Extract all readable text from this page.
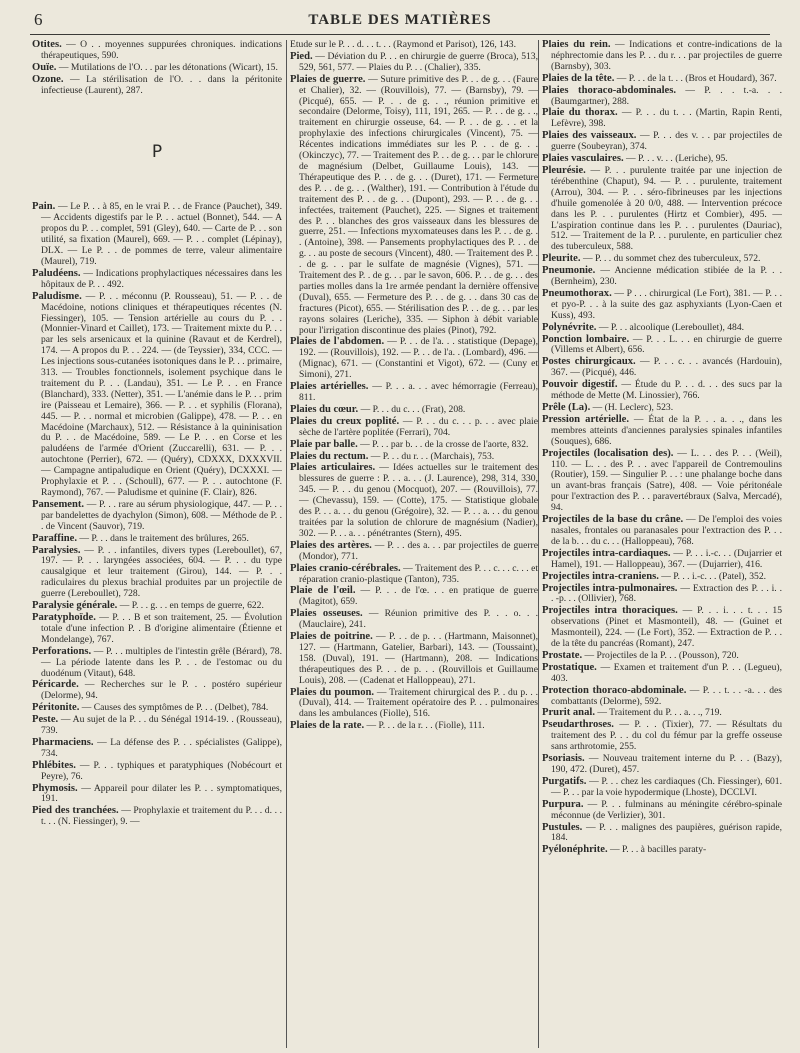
6	TABLE DES MATIÈRES

Otites. — O . . moyennes suppurées chroniques. indications thérapeutiques, 590.

Ouïe. — Mutilations de l'O. . . par les détonations (Wicart), 15.

Ozone. — La stérilisation de l'O. . . dans la péritonite infectieuse (Laurent), 287.

P

Pain. — Le P. . . à 85, en le vrai P. . . de France (Pauchet), 349. — Accidents digestifs par le P. . . actuel (Bonnet), 544. — A propos du P. . . complet, 591 (Gley), 640. — Carte de P. . . son utilité, sa fixation (Maurel), 669. — P. . . complet (Lépinay), DLX. — Le P. . . de pommes de terre, valeur alimentaire (Maurel), 719.

Paludéens. — Indications prophylactiques nécessaires dans les hôpitaux de P. . . 492.

Paludisme. — P. . . méconnu (P. Rousseau), 51. — P. . . de Macédoine, notions cliniques et thérapeutiques récentes (N. Fiessinger), 105. — Tension artérielle au cours du P. . . (Monnier-Vinard et Caillet), 173. — Traitement mixte du P. . . par les sels arsenicaux et la quinine (Ravaut et de Kerdrel), 174. — A propos du P. . . 224. — (de Teyssier), 334, CCC. — Les injections sous-cutanées isotoniques dans le P. . . primaire, 313. — Troubles fonctionnels, isolement psychique dans le traitement du P. . . (Landau), 351. — Le P. . . en France (Blanchard), 333. (Netter), 351. — L'anémie dans le P. . . prim ire (Paisseau et Lemaire), 366. — P. . . et syphilis (Florana), 445. — P. . . normal et microbien (Galippe), 478. — P. . . en Macédoine (Marchaux), 512. — Résistance à la quininisation du P. . . de Macédoine, 589. — Le P. . . en Corse et les paludéens de l'armée d'Orient (Zuccarelli), 631. — P. . . autochtone (Perrier), 672. — (Quéry), CDXXX, DXXXVII. — Campagne antipaludique en Orient (Quéry), DCXXXI. — Prophylaxie et P. . . (Schoull), 677. — P. . . autochtone (F. Raymond), 767. — Paludisme et quinine (F. Clair), 826.

Pansement. — P. . . rare au sérum physiologique, 447. — P. . . par bandelettes de dyachylon (Simon), 608. — Méthode de P. . . de Vincent (Sauvor), 719.

Paraffine. — P. . . dans le traitement des brûlures, 265.

Paralysies. — P. . . infantiles, divers types (Lereboullet), 67, 197. — P. . . laryngées associées, 604. — P. . . du type causalgique et leur traitement (Girou), 144. — P. . . radiculaires du plexus brachial produites par un projectile de guerre (Lereboullet), 728.

Paralysie générale. — P. . . g. . . en temps de guerre, 622.

Paratyphoïde. — P. . . B et son traitement, 25. — Évolution totale d'une infection P. . B d'origine alimentaire (Étienne et Mondelange), 767.

Perforations. — P. . . multiples de l'intestin grêle (Bérard), 78. — La période latente dans les P. . . de l'estomac ou du duodénum (Vitaut), 648.

Péricarde. — Recherches sur le P. . . postéro supérieur (Delorme), 94.

Péritonite. — Causes des symptômes de P. . . (Delbet), 784.

Peste. — Au sujet de la P. . . du Sénégal 1914-19. . (Rousseau), 739.

Pharmaciens. — La défense des P. . . spécialistes (Galippe), 734.

Phlébites. — P. . . typhiques et paratyphiques (Nobécourt et Peyre), 76.

Phymosis. — Appareil pour dilater les P. . . symptomatiques, 191.

Pied des tranchées. — Prophylaxie et traitement du P. . . d. . . t. . . (N. Fiessinger), 9. —

Étude sur le P. . . d. . . t. . . (Raymond et Parisot), 126, 143.

Pied. — Déviation du P. . . en chirurgie de guerre (Broca), 513, 529, 561, 577. — Plaies du P. . . (Chalier), 335.

Plaies de guerre. — Suture primitive des P. . . de g. . . (Faure et Chalier), 32. — (Rouvillois), 77. — (Barnsby), 79. — (Picqué), 655. — P. . . de g. . ., réunion primitive et secondaire (Delorme, Toisy), 111, 191, 265. — P. . . de g. . ., traitement en chirurgie osseuse, 64. — P. . . de g. . . et la prophylaxie des infections chirurgicales (Vincent), 75. — Récentes indications immédiates sur les P. . . de g. . . (Okinczyc), 77. — Traitement des P. . . de g. . . par le chlorure de magnésium (Delbet, Guillaume Louis), 143. — Thérapeutique des P. . . de g. . . (Duret), 171. — Fermeture des P. . . de g. . . (Walther), 191. — Contribution à l'étude du traitement des P. . . de g. . . (Dupont), 293. — P. . . de g. . . infectées, traitement (Pauchet), 225. — Signes et traitement des P. . . blanches des gros vaisseaux dans les blessures de guerre, 251. — Infections myxomateuses dans les P. . . de g. . . (Antoine), 398. — Pansements prophylactiques des P. . . de g. . . au poste de secours (Vincent), 480. — Traitement des P. . . de g. . . par le sulfate de magnésie (Vignes), 571. — Traitement des P. . de g. . . par le savon, 606. P. . . de g. . . des parties molles dans la 1re armée pendant la dernière offensive (Duval), 655. — Fermeture des P. . . de g. . . dans 30 cas de fractures (Picot), 655. — Stérilisation des P. . . de g. . . par les rayons solaires (Leriche), 335. — Siphon à débit variable pour l'irrigation discontinue des plaies (Pinot), 792.

Plaies de l'abdomen. — P. . . de l'a. . . statistique (Depage), 192. — (Rouvillois), 192. — P. . . de l'a. . (Lombard), 496. — (Mignac), 671. — (Constantini et Vigot), 672. — (Cuny et Simoni), 271.

Plaies artérielles. — P. . . a. . . avec hémorragie (Ferreau), 811.

Plaies du cœur. — P. . . du c. . . (Frat), 208.

Plaies du creux poplité. — P. . . du c. . . p. . . avec plaie sèche de l'artère poplitée (Ferrari), 704.

Plaie par balle. — P. . . par b. . . de la crosse de l'aorte, 832.

Plaies du rectum. — P. . . du r. . . (Marchais), 753.

Plaies articulaires. — Idées actuelles sur le traitement des blessures de guerre : P. . . a. . . (J. Laurence), 298, 314, 330, 345. — P. . . du genou (Mocquot), 207. — (Rouvillois), 77. — (Chevassu), 159. — (Cotte), 175. — Statistique globale des P. . . a. . . du genou (Grégoire), 32. — P. . . a. . . du genou traitées par la solution de chlorure de magnésium (Nadier), 302. — P. . . a. . . pénétrantes (Stern), 495.

Plaies des artères. — P. . . des a. . . par projectiles de guerre (Mondor), 771.

Plaies cranio-cérébrales. — Traitement des P. . . c. . . c. . . et réparation cranio-plastique (Tanton), 735.

Plaie de l'œil. — P. . . de l'œ. . . en pratique de guerre (Magitot), 659.

Plaies osseuses. — Réunion primitive des P. . . o. . . (Mauclaire), 241.

Plaies de poitrine. — P. . . de p. . . (Hartmann, Maisonnet), 127. — (Hartmann, Gatelier, Barbari), 143. — (Toussaint), 158. (Duval), 191. — (Hartmann), 208. — Indications thérapeutiques des P. . . de p. . . (Rouvillois et Guillaume Louis), 208. — (Cadenat et Halloppeau), 271.

Plaies du poumon. — Traitement chirurgical des P. . du p. . . (Duval), 414. — Traitement opératoire des P. . . pulmonaires dans les ambulances (Fiolle), 516.

Plaies de la rate. — P. . . de la r. . . (Fiolle), 111.

Plaies du rein. — Indications et contre-indications de la néphrectomie dans les P. . . du r. . . par projectiles de guerre (Barnsby), 303.

Plaies de la tête. — P. . . de la t. . . (Bros et Houdard), 367.

Plaies thoraco-abdominales. — P. . . t.-a. . . (Baumgartner), 288.

Plaie du thorax. — P. . . du t. . . (Martin, Rapin Renti, Lefèvre), 398.

Plaies des vaisseaux. — P. . . des v. . . par projectiles de guerre (Soubeyran), 374.

Plaies vasculaires. — P. . . v. . . (Leriche), 95.

Pleurésie. — P. . . purulente traitée par une injection de térébenthine (Chaput), 94. — P. . . purulente, traitement (Arrou), 304. — P. . . séro-fibrineuses par les injections d'huile gomenolée à 20 0/0, 488. — Intervention précoce dans les P. . . purulentes (Hirtz et Combier), 495. — L'aspiration continue dans les P. . . purulentes (Dauriac), 512. — Traitement de la P. . . purulente, en particulier chez des tuberculeux, 588.

Pleurite. — P. . . du sommet chez des tuberculeux, 572.

Pneumonie. — Ancienne médication stibiée de la P. . . (Bernheim), 230.

Pneumothorax. — P . . . chirurgical (Le Fort), 381. — P. . . et pyo-P. . . à la suite des gaz asphyxiants (Lyon-Caen et Kuss), 493.

Polynévrite. — P. . . alcoolique (Lereboullet), 484.

Ponction lombaire. — P. . . L. . . en chirurgie de guerre (Villems et Albert), 656.

Postes chirurgicaux. — P. . . c. . . avancés (Hardouin), 367. — (Picqué), 446.

Pouvoir digestif. — Étude du P. . . d. . . des sucs par la méthode de Mette (M. Linossier), 766.

Prêle (La). — (H. Leclerc), 523.

Pression artérielle. — État de la P. . . a. . ., dans les membres atteints d'anciennes paralysies spinales infantiles (Souques), 686.

Projectiles (localisation des). — L. . . des P. . . (Weil), 110. — L. . . des P. . . avec l'appareil de Contremoulins (Routier), 159. — Singulier P. . . : une phalange boche dans un avant-bras français (Satre), 408. — Voie péritonéale pour l'extraction des P. . . paravertébraux (Salva, Mercadé), 94.

Projectiles de la base du crâne. — De l'emploi des voies nasales, frontales ou paranasales pour l'extraction des P. . . de la b. . . du c. . . (Halloppeau), 768.

Projectiles intra-cardiaques. — P. . . i.-c. . . (Dujarrier et Hamel), 191. — Halloppeau), 367. — (Dujarrier), 416.

Projectiles intra-craniens. — P. . . i.-c. . . (Patel), 352.

Projectiles intra-pulmonaires. — Extraction des P. . . i. . . -p. . . (Ollivier), 768.

Projectiles intra thoraciques. — P. . . i. . . t. . . 15 observations (Pinet et Masmonteil), 48. — (Guinet et Masmonteil), 224. — (Le Fort), 352. — Extraction de P. . . de la tête du pancréas (Romant), 247.

Prostate. — Projectiles de la P. . . (Pousson), 720.

Prostatique. — Examen et traitement d'un P. . . (Legueu), 403.

Protection thoraco-abdominale. — P. . . t. . . -a. . . des combattants (Delorme), 592.

Prurit anal. — Traitement du P. . . a. . ., 719.

Pseudarthroses. — P. . . (Tixier), 77. — Résultats du traitement des P. . . du col du fémur par la greffe osseuse sans arthrotomie, 255.

Psoriasis. — Nouveau traitement interne du P. . . (Bazy), 190, 472. (Duret), 457.

Purgatifs. — P. . . chez les cardiaques (Ch. Fiessinger), 601. — P. . . par la voie hypodermique (Lhoste), DCCLVI.

Purpura. — P. . . fulminans au méningite cérébro-spinale méconnue (de Verlizier), 301.

Pustules. — P. . . malignes des paupières, guérison rapide, 184.

Pyélonéphrite. — P. . . à bacilles paraty-
